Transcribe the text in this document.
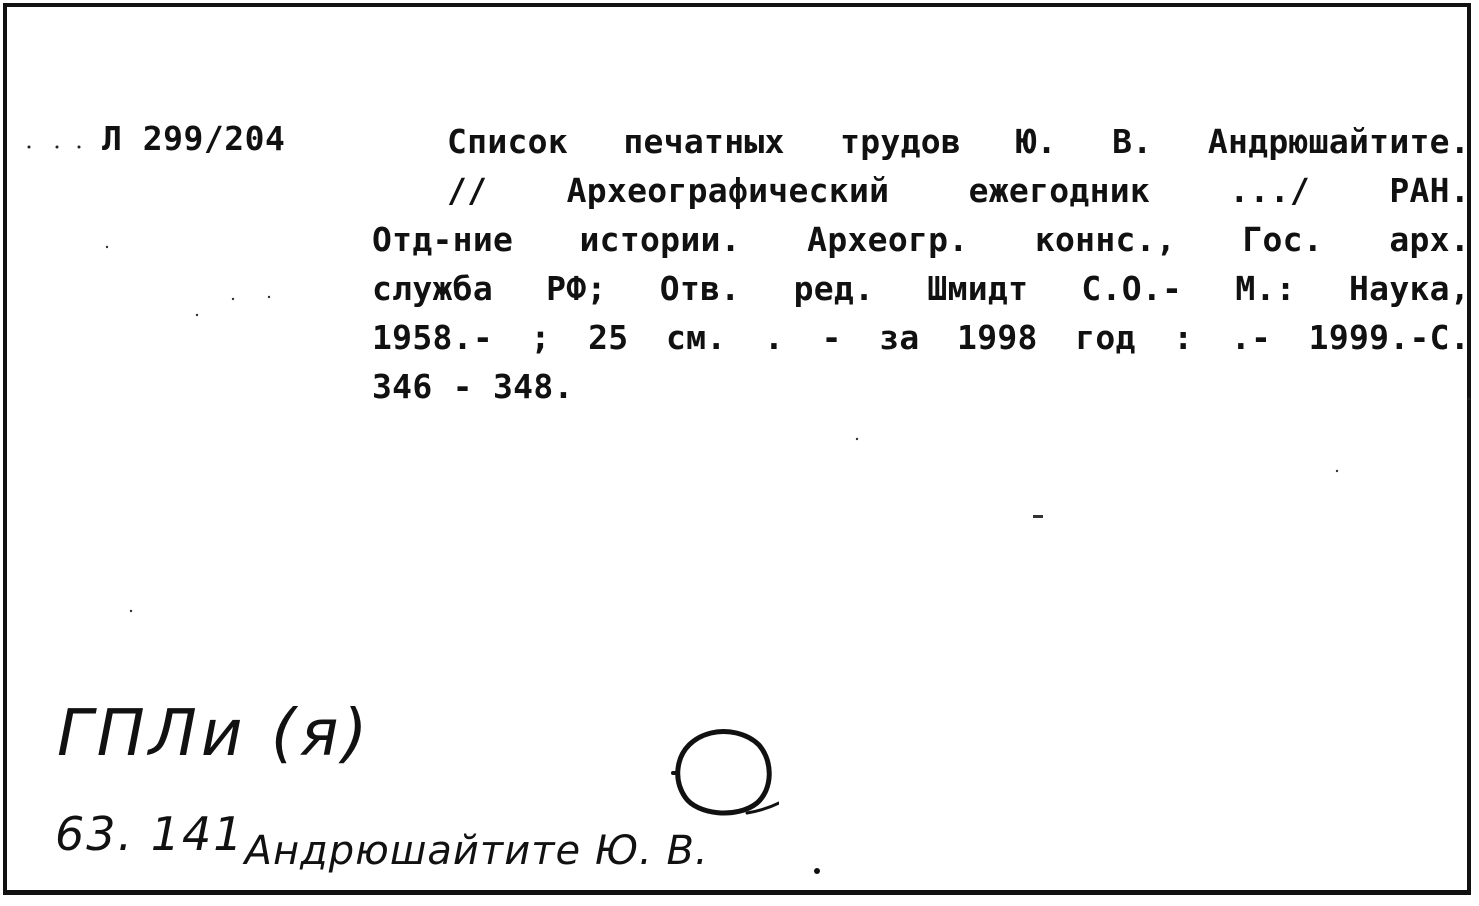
Л 299/204	Список печатных трудов Ю. В. Андрюшайтите.
// Археографический ежегодник .../ РАН.
Отд-ние истории. Археогр. коннс., Гос. арх.
служба РФ; Отв. ред. Шмидт С.О.- М.: Наука,
1958.- ; 25 см. . - за 1998 год : .- 1999.-С.
346 - 348.
ГПЛи (я)
63. 141Андрюшайтите Ю. В.
